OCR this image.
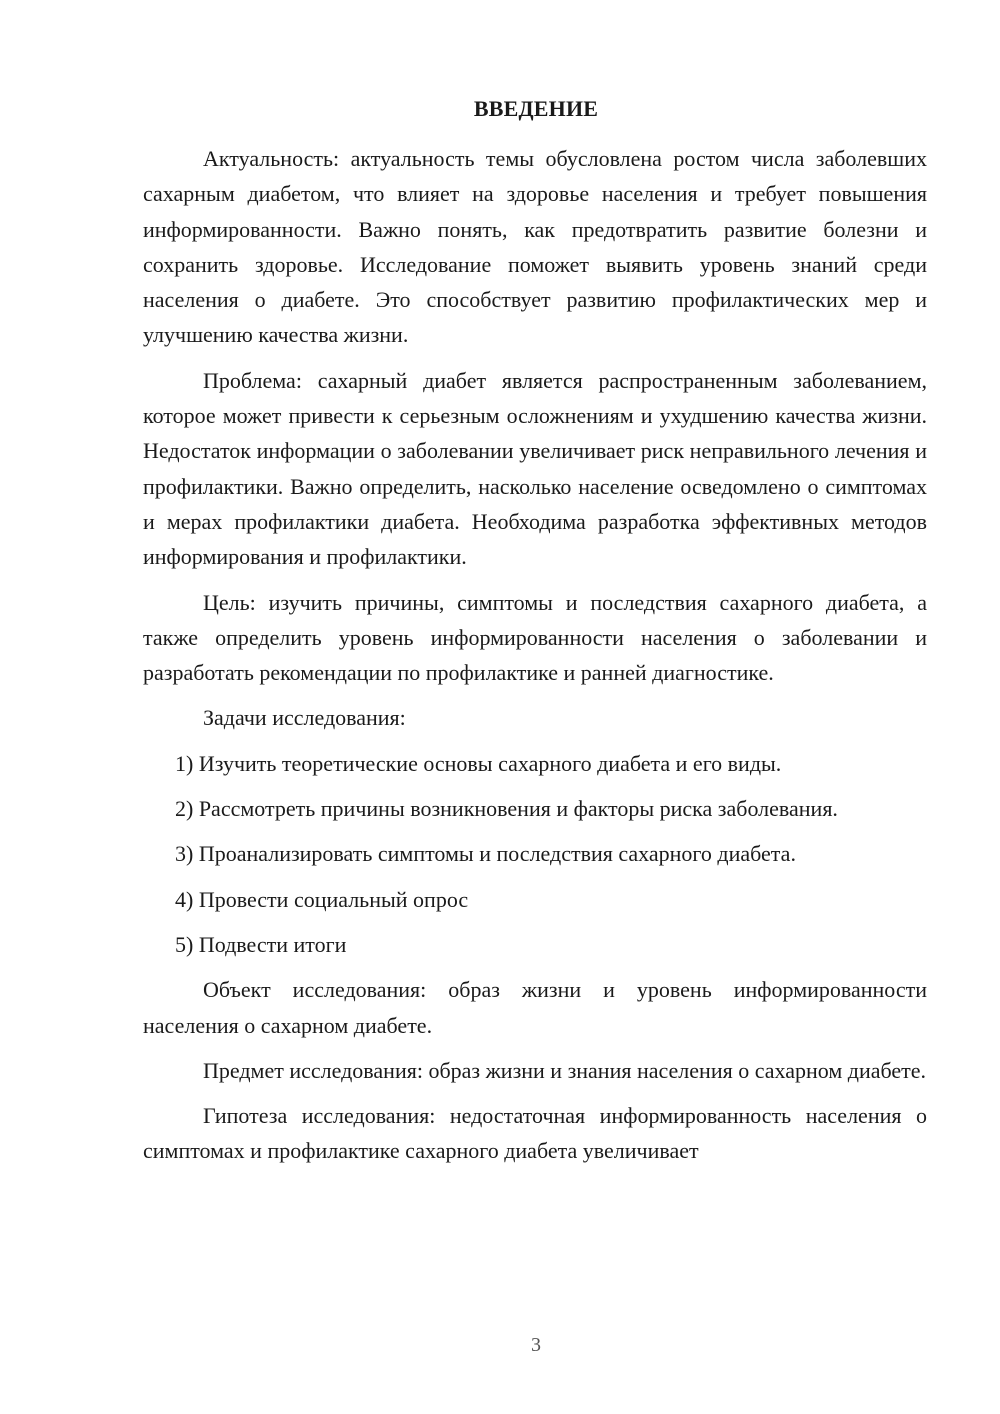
ВВЕДЕНИЕ

Актуальность: актуальность темы обусловлена ростом числа заболевших сахарным диабетом, что влияет на здоровье населения и требует повышения информированности. Важно понять, как предотвратить развитие болезни и сохранить здоровье. Исследование поможет выявить уровень знаний среди населения о диабете. Это способствует развитию профилактических мер и улучшению качества жизни.

Проблема: сахарный диабет является распространенным заболеванием, которое может привести к серьезным осложнениям и ухудшению качества жизни. Недостаток информации о заболевании увеличивает риск неправильного лечения и профилактики. Важно определить, насколько население осведомлено о симптомах и мерах профилактики диабета. Необходима разработка эффективных методов информирования и профилактики.

Цель: изучить причины, симптомы и последствия сахарного диабета, а также определить уровень информированности населения о заболевании и разработать рекомендации по профилактике и ранней диагностике.

Задачи исследования:

1) Изучить теоретические основы сахарного диабета и его виды.

2) Рассмотреть причины возникновения и факторы риска заболевания.

3) Проанализировать симптомы и последствия сахарного диабета.

4) Провести социальный опрос

5) Подвести итоги

Объект исследования: образ жизни и уровень информированности населения о сахарном диабете.

Предмет исследования: образ жизни и знания населения о сахарном диабете.

Гипотеза исследования: недостаточная информированность населения о симптомах и профилактике сахарного диабета увеличивает

3
